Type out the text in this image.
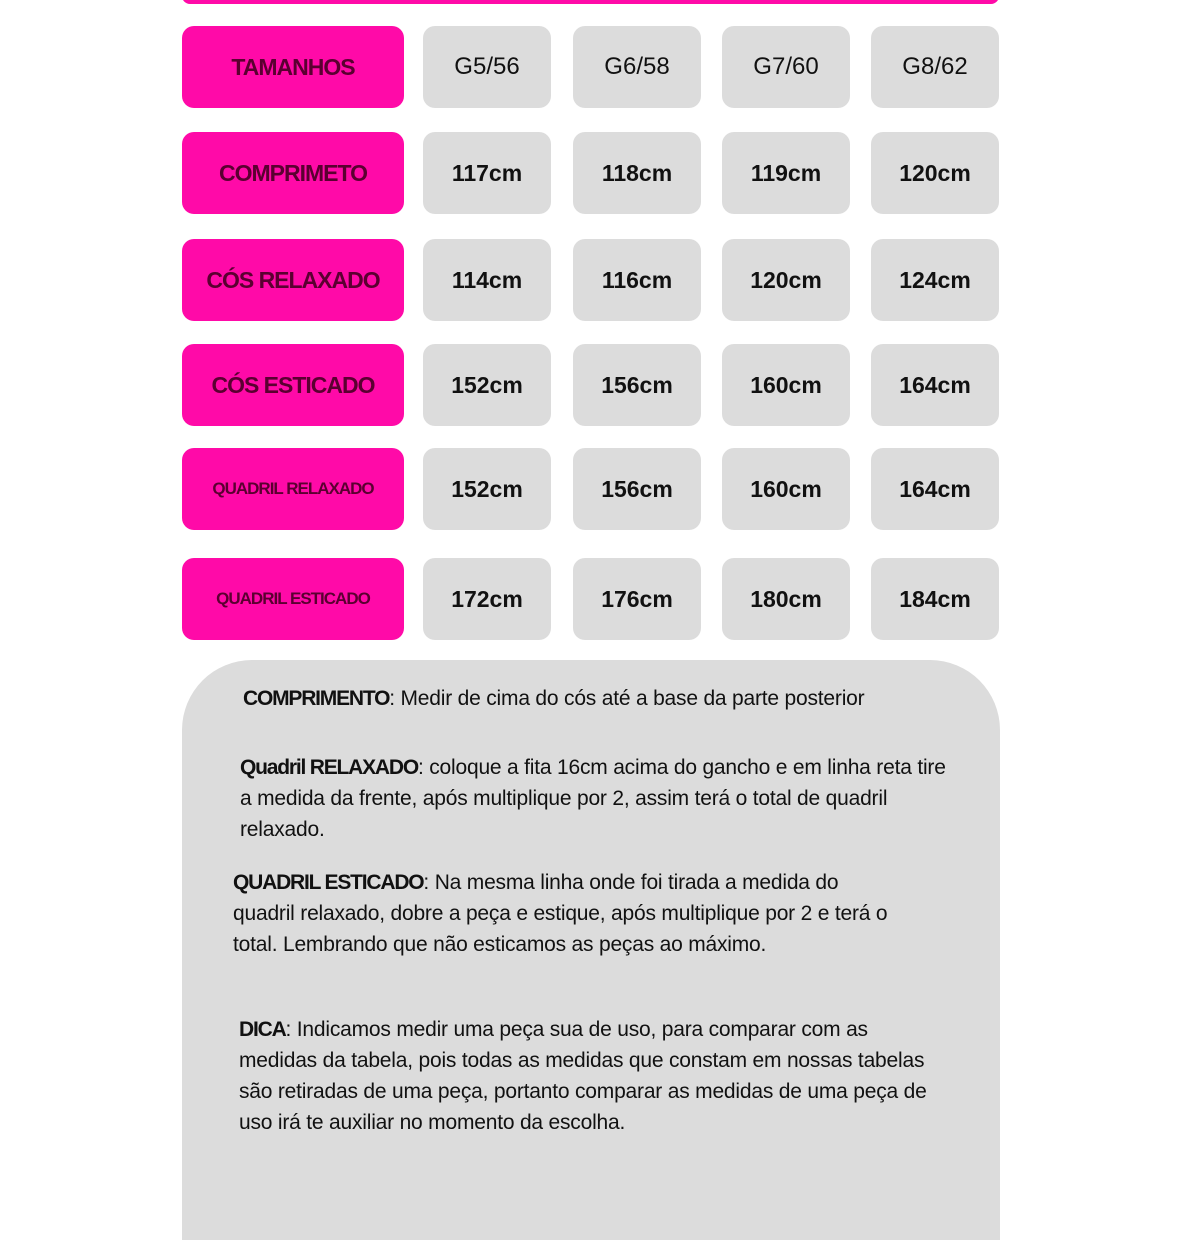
TAMANHOS	G5/56	G6/58	G7/60	G8/62
COMPRIMETO	117cm	118cm	119cm	120cm
CÓS RELAXADO	114cm	116cm	120cm	124cm
CÓS ESTICADO	152cm	156cm	160cm	164cm
QUADRIL RELAXADO	152cm	156cm	160cm	164cm
QUADRIL ESTICADO	172cm	176cm	180cm	184cm

COMPRIMENTO: Medir de cima do cós até a base da parte posterior

Quadril RELAXADO: coloque a fita 16cm acima do gancho e em linha reta tire a medida da frente, após multiplique por 2, assim terá o total de quadril relaxado.

QUADRIL ESTICADO: Na mesma linha onde foi tirada a medida do quadril relaxado, dobre a peça e estique, após multiplique por 2 e terá o total. Lembrando que não esticamos as peças ao máximo.

DICA: Indicamos medir uma peça sua de uso, para comparar com as medidas da tabela, pois todas as medidas que constam em nossas tabelas são retiradas de uma peça, portanto comparar as medidas de uma peça de uso irá te auxiliar no momento da escolha.
